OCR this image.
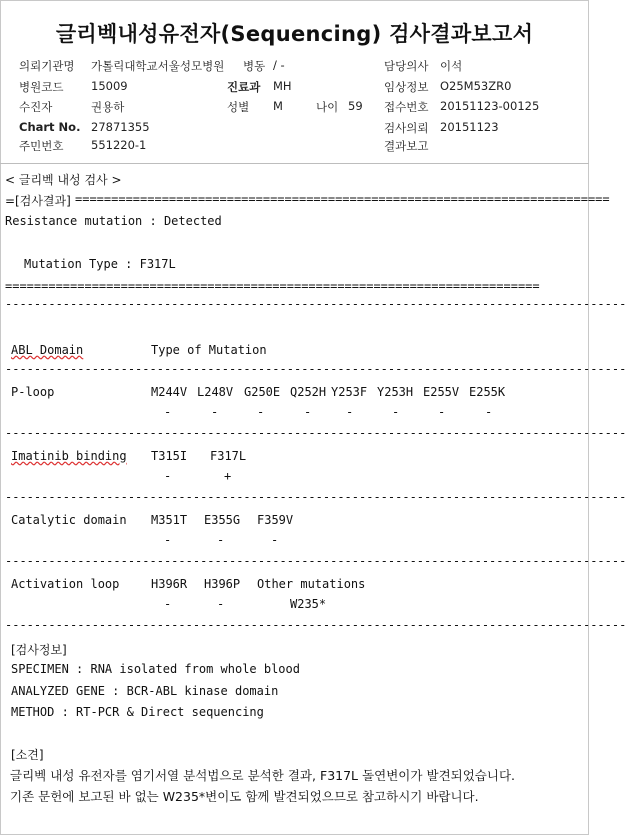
글리벡내성유전자(Sequencing) 검사결과보고서
의뢰기관명 가톨릭대학교서울성모병원 병동 / -	담당의사 이석
병원코드 15009	진료과 MH	임상정보 O25M53ZR0
수진자	권용하	성별 M	나이 59 접수번호 20151123-00125
Chart No. 27871355	검사의뢰 20151123
주민번호 551220-1	결과보고
< 글리벡 내성 검사 >
=[검사결과] ==========================================================================
Resistance mutation : Detected
Mutation Type : F317L
==========================================================================
--------------------------------------------------------------------------------------
ABL Domain	Type of Mutation
--------------------------------------------------------------------------------------
P-loop	M244V L248V G250E Q252H Y253F Y253H E255V E255K
-	-	-	-	-	-	-	-
--------------------------------------------------------------------------------------
Imatinib binding T315I F317L
-	+
--------------------------------------------------------------------------------------
Catalytic domain M351T E355G F359V
-	-	-
--------------------------------------------------------------------------------------
Activation loop	H396R H396P Other mutations
-	-	W235*
--------------------------------------------------------------------------------------
[검사정보]
SPECIMEN : RNA isolated from whole blood
ANALYZED GENE : BCR-ABL kinase domain
METHOD : RT-PCR & Direct sequencing
[소견]
글리벡 내성 유전자를 염기서열 분석법으로 분석한 결과, F317L 돌연변이가 발견되었습니다. 기존 문헌에 보고된 바 없는 W235*변이도 함께 발견되었으므로 참고하시기 바랍니다.
